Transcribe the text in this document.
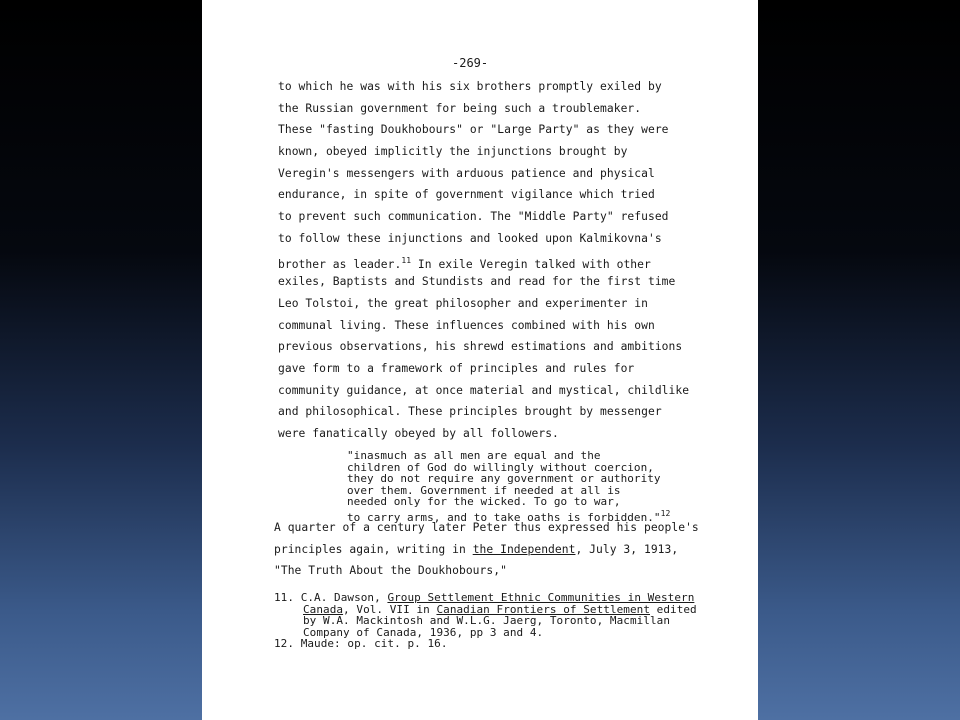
-269-
to which he was with his six brothers promptly exiled by
the Russian government for being such a troublemaker.
These "fasting Doukhobours" or "Large Party" as they were
known, obeyed implicitly the injunctions brought by
Veregin's messengers with arduous patience and physical
endurance, in spite of government vigilance which tried
to prevent such communication. The "Middle Party" refused
to follow these injunctions and looked upon Kalmikovna's
brother as leader.$^{11}$ In exile Veregin talked with other
exiles, Baptists and Stundists and read for the first time
Leo Tolstoi, the great philosopher and experimenter in
communal living. These influences combined with his own
previous observations, his shrewd estimations and ambitions
gave form to a framework of principles and rules for
community guidance, at once material and mystical, childlike
and philosophical. These principles brought by messenger
were fanatically obeyed by all followers.
"inasmuch as all men are equal and the
children of God do willingly without coercion,
they do not require any government or authority
over them. Government if needed at all is
needed only for the wicked. To go to war,
to carry arms, and to take oaths is forbidden."$^{12}$
A quarter of a century later Peter thus expressed his people's
principles again, writing in the Independent, July 3, 1913,
"The Truth About the Doukhobours,"
11. C.A. Dawson, Group Settlement Ethnic Communities in Western
Canada, Vol. VII in Canadian Frontiers of Settlement edited
by W.A. Mackintosh and W.L.G. Jaerg, Toronto, Macmillan
Company of Canada, 1936, pp 3 and 4.
12. Maude: op. cit. p. 16.
